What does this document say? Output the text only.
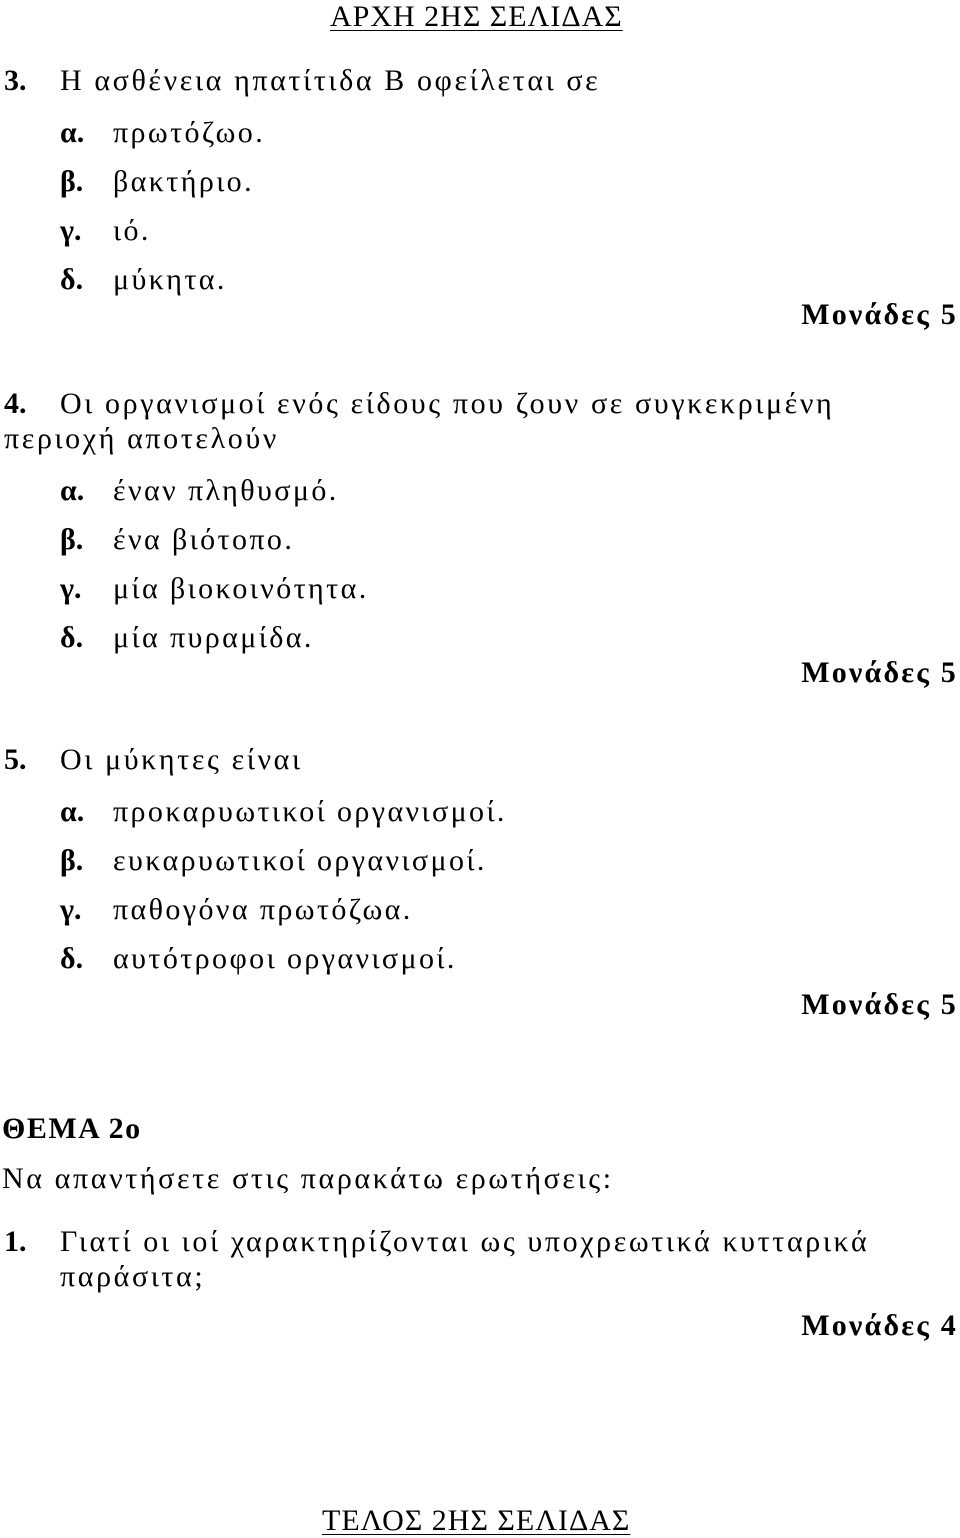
ΑΡΧΗ 2ΗΣ ΣΕΛΙΔΑΣ
3. Η ασθένεια ηπατίτιδα Β οφείλεται σε
α. πρωτόζωο.
β. βακτήριο.
γ. ιό.
δ. μύκητα.
Μονάδες 5
4. Οι οργανισμοί ενός είδους που ζουν σε συγκεκριμένη
περιοχή αποτελούν
α. έναν πληθυσμό.
β. ένα βιότοπο.
γ. μία βιοκοινότητα.
δ. μία πυραμίδα.
Μονάδες 5
5. Οι μύκητες είναι
α. προκαρυωτικοί οργανισμοί.
β. ευκαρυωτικοί οργανισμοί.
γ. παθογόνα πρωτόζωα.
δ. αυτότροφοι οργανισμοί.
Μονάδες 5
ΘΕΜΑ 2ο
Να απαντήσετε στις παρακάτω ερωτήσεις:
1. Γιατί οι ιοί χαρακτηρίζονται ως υποχρεωτικά κυτταρικά
παράσιτα;
Μονάδες 4
ΤΕΛΟΣ 2ΗΣ ΣΕΛΙΔΑΣ
